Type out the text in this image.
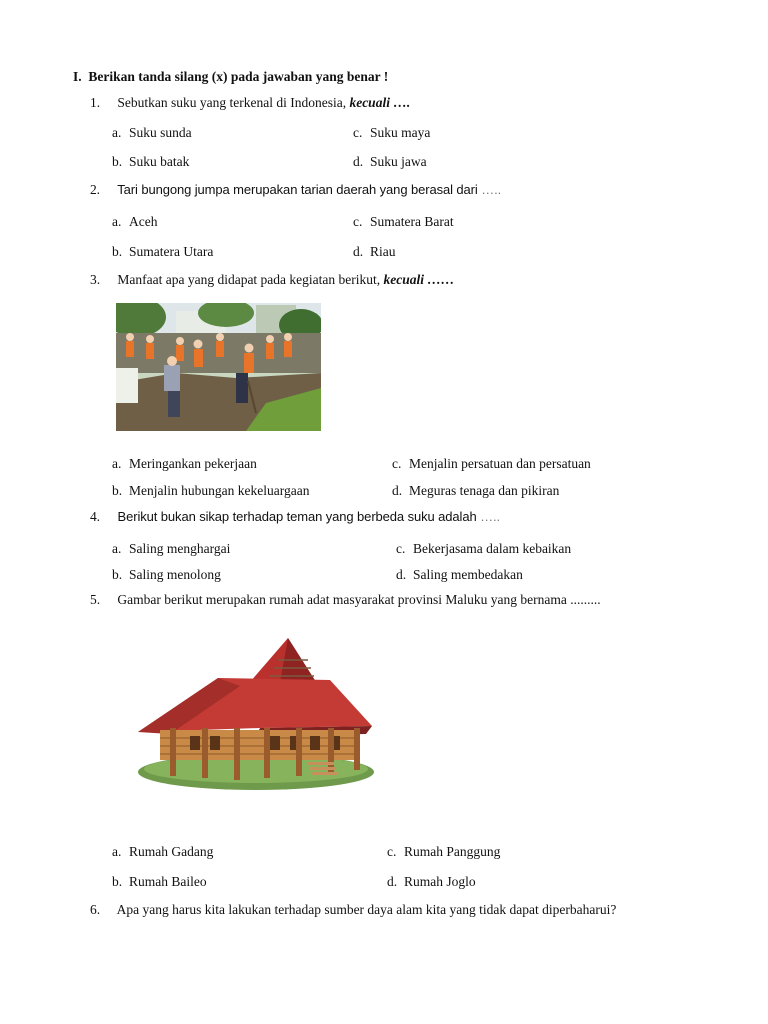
I. Berikan tanda silang (x) pada jawaban yang benar !
1. Sebutkan suku yang terkenal di Indonesia, kecuali ….
a. Suku sunda
b. Suku batak
c. Suku maya
d. Suku jawa
2. Tari bungong jumpa merupakan tarian daerah yang berasal dari …..
a. Aceh
b. Sumatera Utara
c. Sumatera Barat
d. Riau
3. Manfaat apa yang didapat pada kegiatan berikut, kecuali ……
a. Meringankan pekerjaan
b. Menjalin hubungan kekeluargaan
c. Menjalin persatuan dan persatuan
d. Meguras tenaga dan pikiran
4. Berikut bukan sikap terhadap teman yang berbeda suku adalah …..
a. Saling menghargai
b. Saling menolong
c. Bekerjasama dalam kebaikan
d. Saling membedakan
5. Gambar berikut merupakan rumah adat masyarakat provinsi Maluku yang bernama .........
a. Rumah Gadang
b. Rumah Baileo
c. Rumah Panggung
d. Rumah Joglo
6. Apa yang harus kita lakukan terhadap sumber daya alam kita yang tidak dapat diperbaharui?
